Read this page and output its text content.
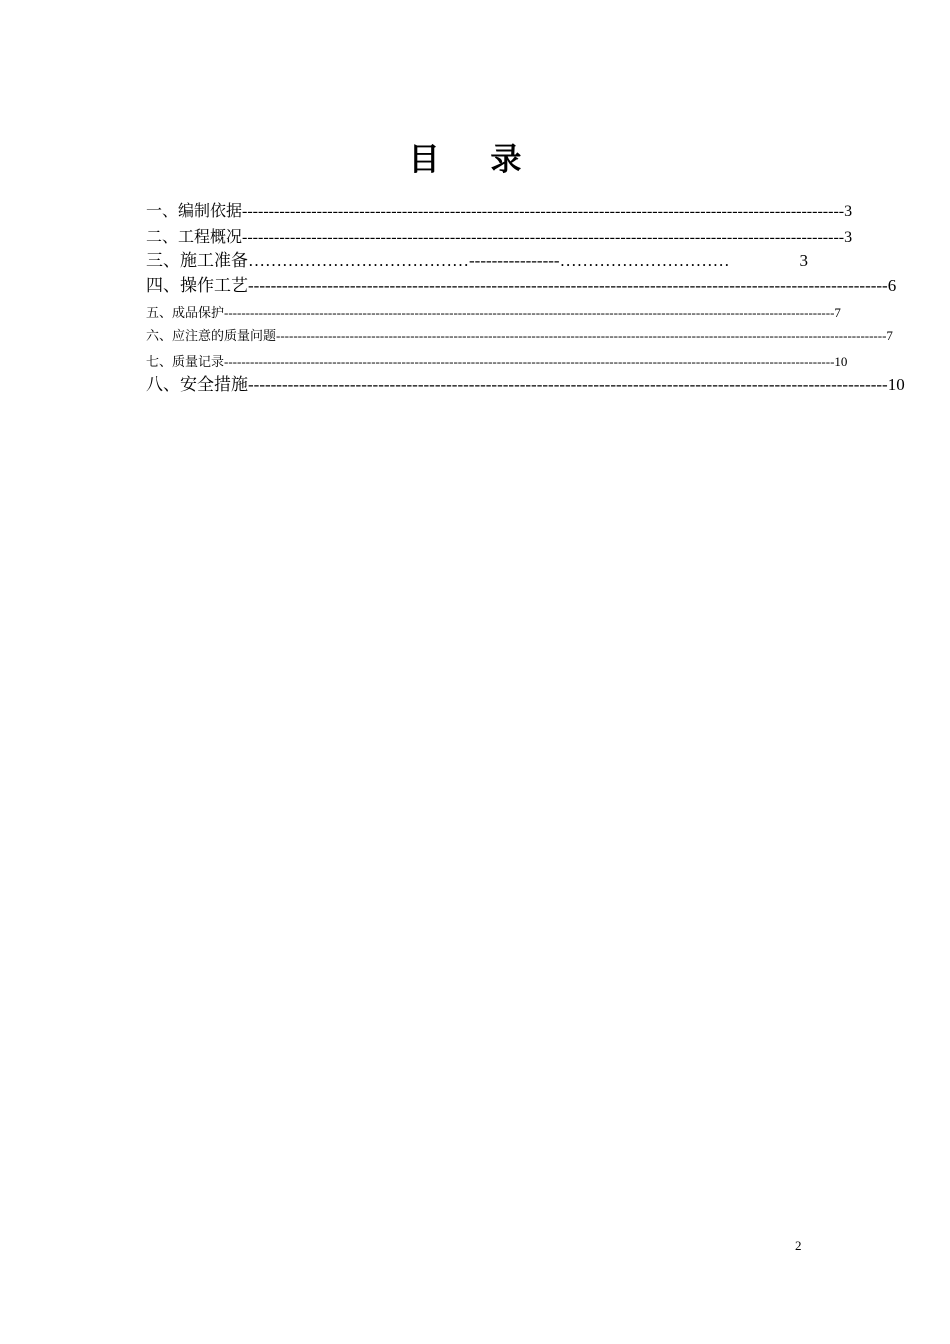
目 录
一、编制依据 ----------------------------------------------------------------------------------------------------------------- 3
二、工程概况 ----------------------------------------------------------------------------------------------------------------- 3
三、施工准备 …………………………………----------------…………………………	3
四、操作工艺 ----------------------------------------------------------------------------------------------------------------- 6
五、成品保护 --------------------------------------------------------------------------------------------------------------------------------------------- 7
六、应注意的质量问题 --------------------------------------------------------------------------------------------------------------------------------------------- 7
七、质量记录 --------------------------------------------------------------------------------------------------------------------------------------------- 10
八、安全措施 ----------------------------------------------------------------------------------------------------------------- 10
2
